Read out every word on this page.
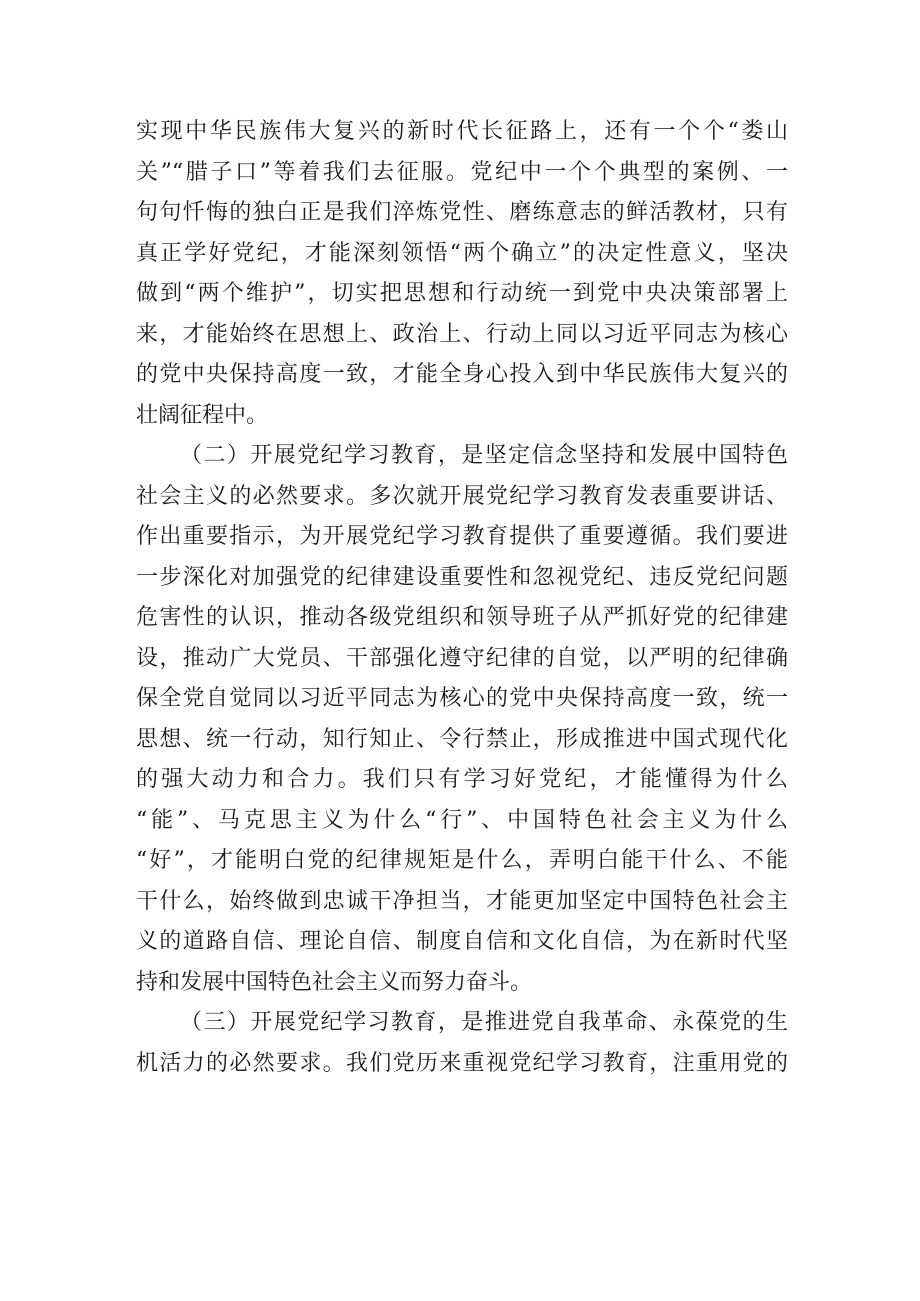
实现中华民族伟大复兴的新时代长征路上，还有一个个“娄山
关”“腊子口”等着我们去征服。党纪中一个个典型的案例、一
句句忏悔的独白正是我们淬炼党性、磨练意志的鲜活教材，只有
真正学好党纪，才能深刻领悟“两个确立”的决定性意义，坚决
做到“两个维护”，切实把思想和行动统一到党中央决策部署上
来，才能始终在思想上、政治上、行动上同以习近平同志为核心
的党中央保持高度一致，才能全身心投入到中华民族伟大复兴的
壮阔征程中。
（二）开展党纪学习教育，是坚定信念坚持和发展中国特色
社会主义的必然要求。多次就开展党纪学习教育发表重要讲话、
作出重要指示，为开展党纪学习教育提供了重要遵循。我们要进
一步深化对加强党的纪律建设重要性和忽视党纪、违反党纪问题
危害性的认识，推动各级党组织和领导班子从严抓好党的纪律建
设，推动广大党员、干部强化遵守纪律的自觉，以严明的纪律确
保全党自觉同以习近平同志为核心的党中央保持高度一致，统一
思想、统一行动，知行知止、令行禁止，形成推进中国式现代化
的强大动力和合力。我们只有学习好党纪，才能懂得为什么
“能”、马克思主义为什么“行”、中国特色社会主义为什么
“好”，才能明白党的纪律规矩是什么，弄明白能干什么、不能
干什么，始终做到忠诚干净担当，才能更加坚定中国特色社会主
义的道路自信、理论自信、制度自信和文化自信，为在新时代坚
持和发展中国特色社会主义而努力奋斗。
（三）开展党纪学习教育，是推进党自我革命、永葆党的生
机活力的必然要求。我们党历来重视党纪学习教育，注重用党的
